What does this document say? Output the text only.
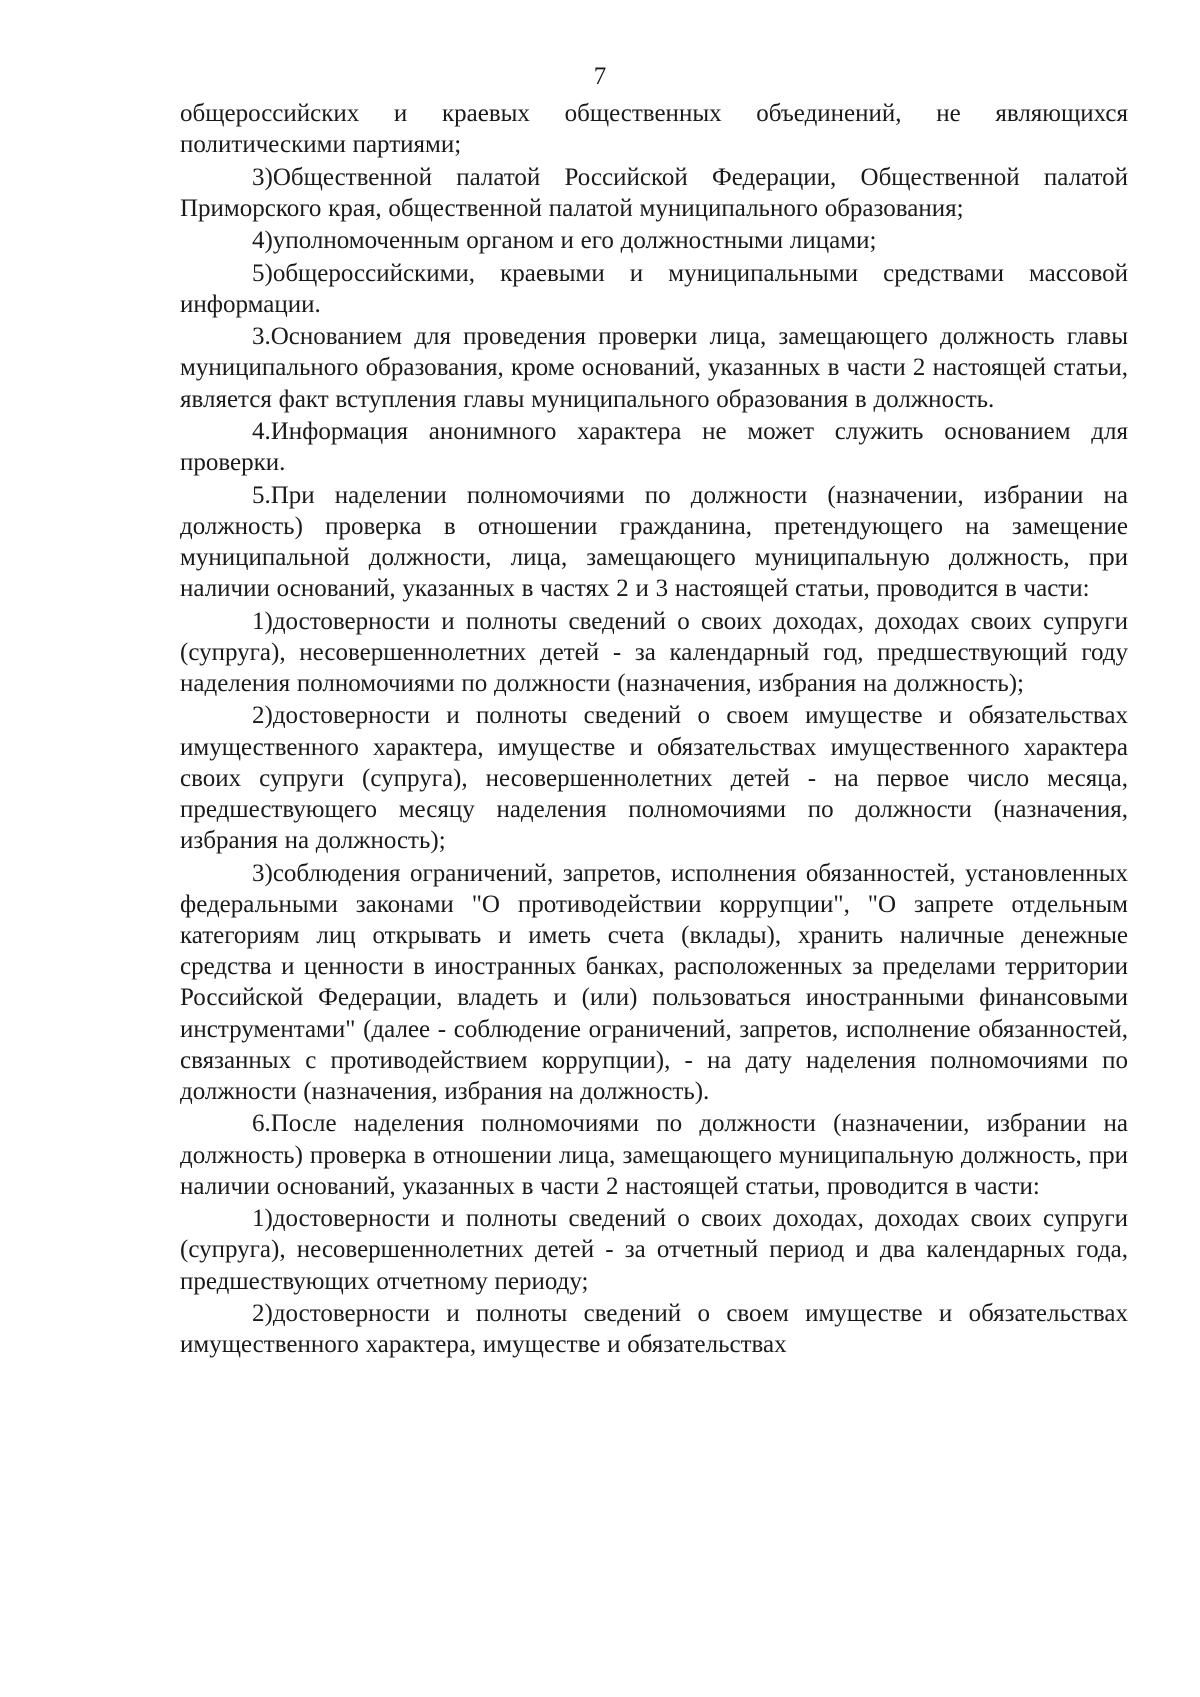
7

общероссийских и краевых общественных объединений, не являющихся политическими партиями;

3)Общественной палатой Российской Федерации, Общественной палатой Приморского края, общественной палатой муниципального образования;

4)уполномоченным органом и его должностными лицами;

5)общероссийскими, краевыми и муниципальными средствами массовой информации.

3.Основанием для проведения проверки лица, замещающего должность главы муниципального образования, кроме оснований, указанных в части 2 настоящей статьи, является факт вступления главы муниципального образования в должность.

4.Информация анонимного характера не может служить основанием для проверки.

5.При наделении полномочиями по должности (назначении, избрании на должность) проверка в отношении гражданина, претендующего на замещение муниципальной должности, лица, замещающего муниципальную должность, при наличии оснований, указанных в частях 2 и 3 настоящей статьи, проводится в части:

1)достоверности и полноты сведений о своих доходах, доходах своих супруги (супруга), несовершеннолетних детей - за календарный год, предшествующий году наделения полномочиями по должности (назначения, избрания на должность);

2)достоверности и полноты сведений о своем имуществе и обязательствах имущественного характера, имуществе и обязательствах имущественного характера своих супруги (супруга), несовершеннолетних детей - на первое число месяца, предшествующего месяцу наделения полномочиями по должности (назначения, избрания на должность);

3)соблюдения ограничений, запретов, исполнения обязанностей, установленных федеральными законами "О противодействии коррупции", "О запрете отдельным категориям лиц открывать и иметь счета (вклады), хранить наличные денежные средства и ценности в иностранных банках, расположенных за пределами территории Российской Федерации, владеть и (или) пользоваться иностранными финансовыми инструментами" (далее - соблюдение ограничений, запретов, исполнение обязанностей, связанных с противодействием коррупции), - на дату наделения полномочиями по должности (назначения, избрания на должность).

6.После наделения полномочиями по должности (назначении, избрании на должность) проверка в отношении лица, замещающего муниципальную должность, при наличии оснований, указанных в части 2 настоящей статьи, проводится в части:

1)достоверности и полноты сведений о своих доходах, доходах своих супруги (супруга), несовершеннолетних детей - за отчетный период и два календарных года, предшествующих отчетному периоду;

2)достоверности и полноты сведений о своем имуществе и обязательствах имущественного характера, имуществе и обязательствах
